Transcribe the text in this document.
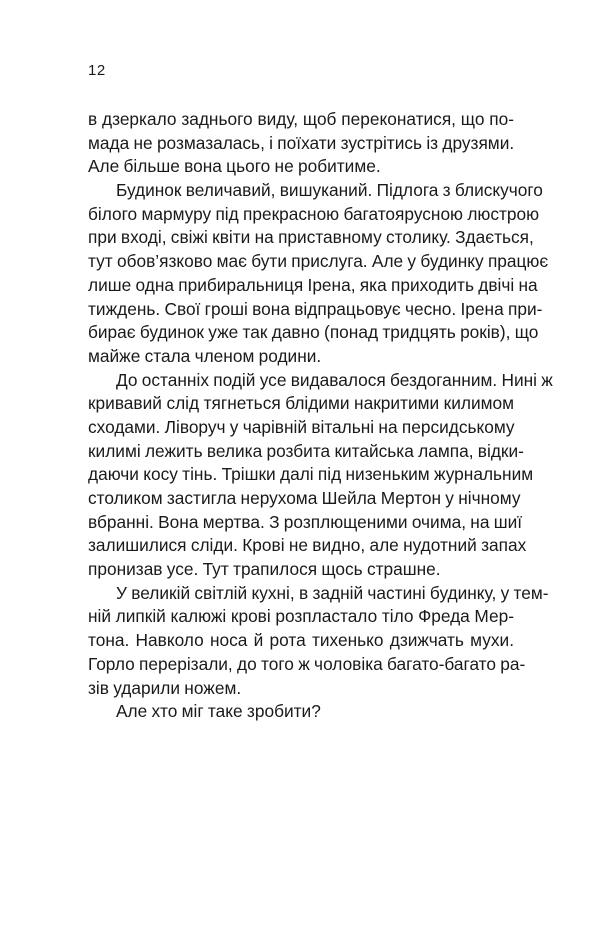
12
в дзеркало заднього виду, щоб переконатися, що по-
мада не розмазалась, і поїхати зустрітись із друзями.
Але більше вона цього не робитиме.
Будинок величавий, вишуканий. Підлога з блискучого
білого мармуру під прекрасною багатоярусною люстрою
при вході, свіжі квіти на приставному столику. Здається,
тут обов’язково має бути прислуга. Але у будинку працює
лише одна прибиральниця Ірена, яка приходить двічі на
тиждень. Свої гроші вона відпрацьовує чесно. Ірена при-
бирає будинок уже так давно (понад тридцять років), що
майже стала членом родини.
До останніх подій усе видавалося бездоганним. Нині ж
кривавий слід тягнеться блідими накритими килимом
сходами. Ліворуч у чарівній вітальні на перcидському
килимі лежить велика розбита китайська лампа, відки-
даючи косу тінь. Трішки далі під низеньким журнальним
столиком застигла нерухома Шейла Мертон у нічному
вбранні. Вона мертва. З розплющеними очима, на шиї
залишилися сліди. Крові не видно, але нудотний запах
пронизав усе. Тут трапилося щось страшне.
У великій світлій кухні, в задній частині будинку, у тем-
ній липкій калюжі крові розпластало тіло Фреда Мер-
тона. Навколо носа й рота тихенько дзижчать мухи.
Горло перерізали, до того ж чоловіка багато-багато ра-
зів ударили ножем.
Але хто міг таке зробити?
